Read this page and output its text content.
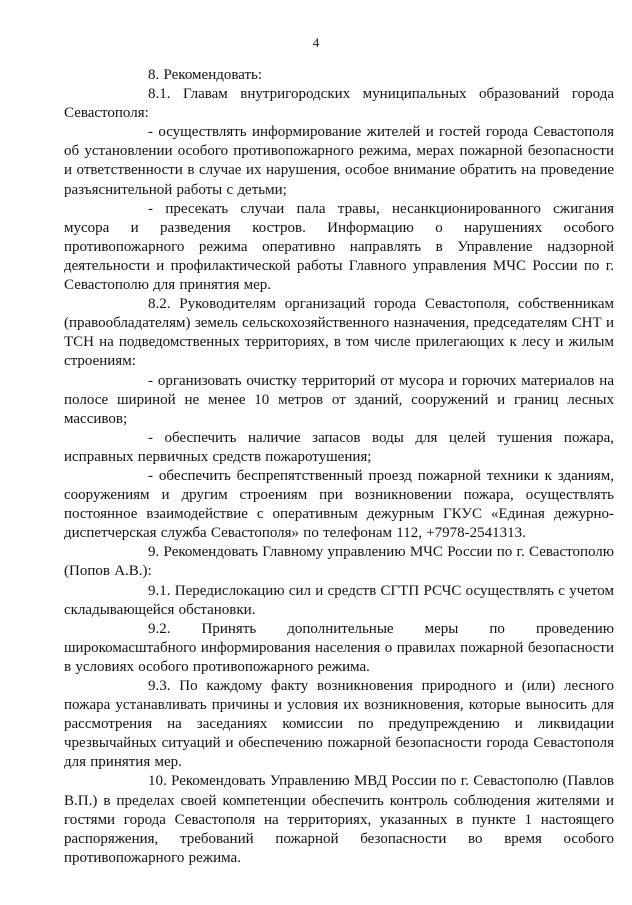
4

8. Рекомендовать:

8.1. Главам внутригородских муниципальных образований города Севастополя:

- осуществлять информирование жителей и гостей города Севастополя об установлении особого противопожарного режима, мерах пожарной безопасности и ответственности в случае их нарушения, особое внимание обратить на проведение разъяснительной работы с детьми;

- пресекать случаи пала травы, несанкционированного сжигания мусора и разведения костров. Информацию о нарушениях особого противопожарного режима оперативно направлять в Управление надзорной деятельности и профилактической работы Главного управления МЧС России по г. Севастополю для принятия мер.

8.2. Руководителям организаций города Севастополя, собственникам (правообладателям) земель сельскохозяйственного назначения, председателям СНТ и ТСН на подведомственных территориях, в том числе прилегающих к лесу и жилым строениям:

- организовать очистку территорий от мусора и горючих материалов на полосе шириной не менее 10 метров от зданий, сооружений и границ лесных массивов;

- обеспечить наличие запасов воды для целей тушения пожара, исправных первичных средств пожаротушения;

- обеспечить беспрепятственный проезд пожарной техники к зданиям, сооружениям и другим строениям при возникновении пожара, осуществлять постоянное взаимодействие с оперативным дежурным ГКУС «Единая дежурно-диспетчерская служба Севастополя» по телефонам 112, +7978-2541313.

9. Рекомендовать Главному управлению МЧС России по г. Севастополю (Попов А.В.):

9.1. Передислокацию сил и средств СГТП РСЧС осуществлять с учетом складывающейся обстановки.

9.2. Принять дополнительные меры по проведению широкомасштабного информирования населения о правилах пожарной безопасности в условиях особого противопожарного режима.

9.3. По каждому факту возникновения природного и (или) лесного пожара устанавливать причины и условия их возникновения, которые выносить для рассмотрения на заседаниях комиссии по предупреждению и ликвидации чрезвычайных ситуаций и обеспечению пожарной безопасности города Севастополя для принятия мер.

10. Рекомендовать Управлению МВД России по г. Севастополю (Павлов В.П.) в пределах своей компетенции обеспечить контроль соблюдения жителями и гостями города Севастополя на территориях, указанных в пункте 1 настоящего распоряжения, требований пожарной безопасности во время особого противопожарного режима.
